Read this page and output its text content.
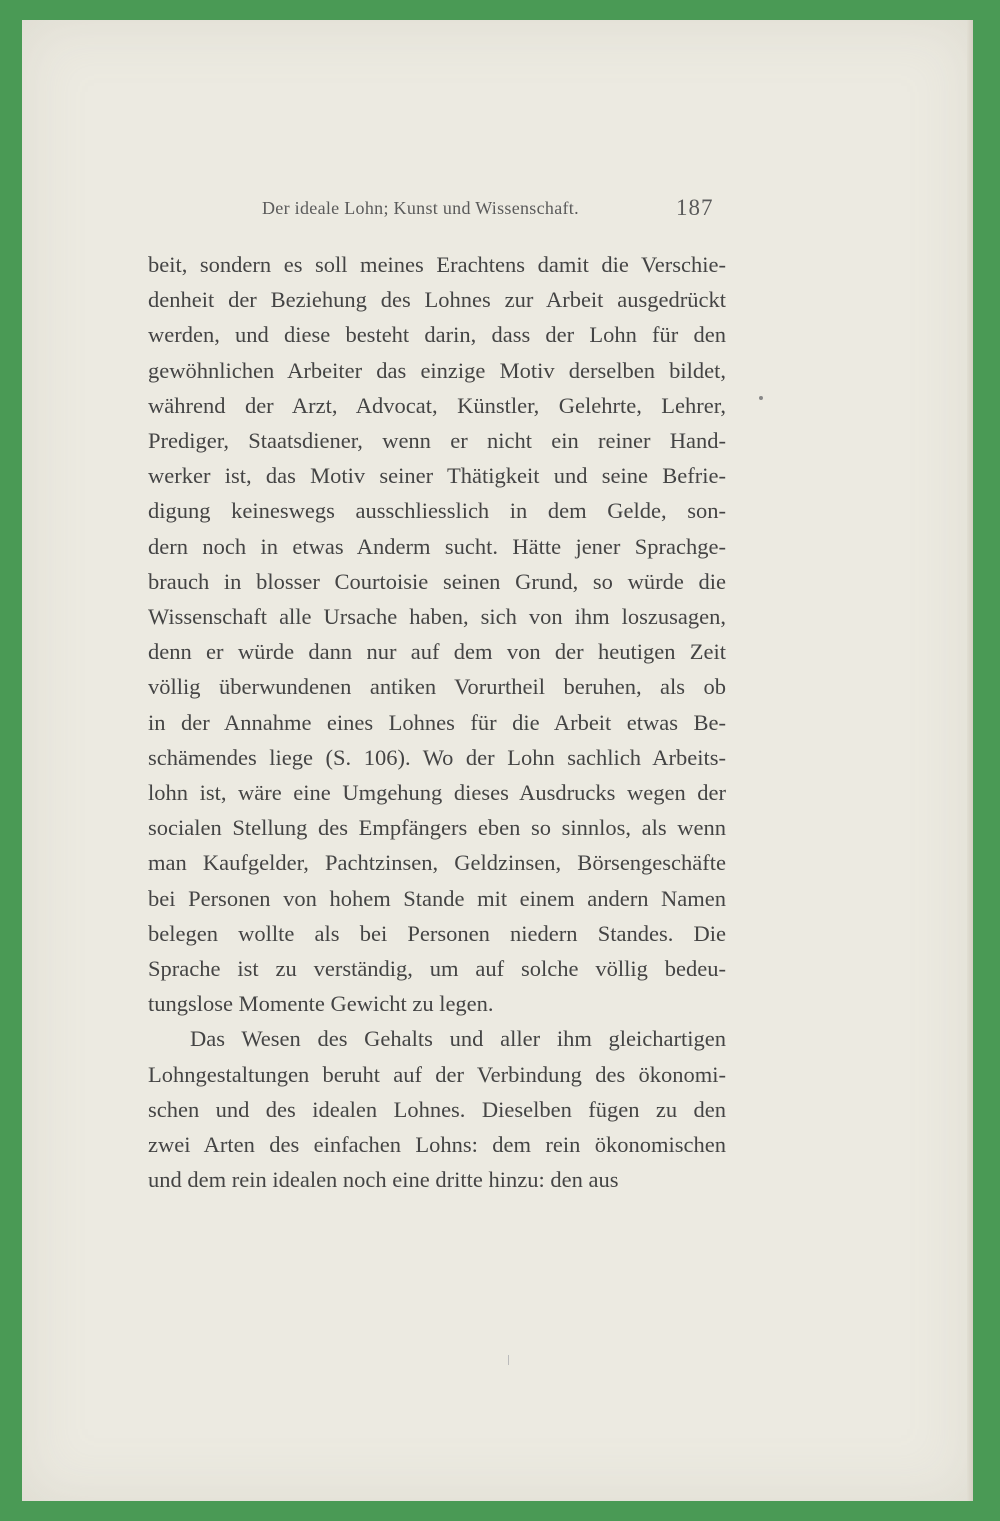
Der ideale Lohn; Kunst und Wissenschaft.	187
beit, sondern es soll meines Erachtens damit die Verschie-
denheit der Beziehung des Lohnes zur Arbeit ausgedrückt
werden, und diese besteht darin, dass der Lohn für den
gewöhnlichen Arbeiter das einzige Motiv derselben bildet,
während der Arzt, Advocat, Künstler, Gelehrte, Lehrer,
Prediger, Staatsdiener, wenn er nicht ein reiner Hand-
werker ist, das Motiv seiner Thätigkeit und seine Befrie-
digung keineswegs ausschliesslich in dem Gelde, son-
dern noch in etwas Anderm sucht. Hätte jener Sprachge-
brauch in blosser Courtoisie seinen Grund, so würde die
Wissenschaft alle Ursache haben, sich von ihm loszusagen,
denn er würde dann nur auf dem von der heutigen Zeit
völlig überwundenen antiken Vorurtheil beruhen, als ob
in der Annahme eines Lohnes für die Arbeit etwas Be-
schämendes liege (S. 106). Wo der Lohn sachlich Arbeits-
lohn ist, wäre eine Umgehung dieses Ausdrucks wegen der
socialen Stellung des Empfängers eben so sinnlos, als wenn
man Kaufgelder, Pachtzinsen, Geldzinsen, Börsengeschäfte
bei Personen von hohem Stande mit einem andern Namen
belegen wollte als bei Personen niedern Standes. Die
Sprache ist zu verständig, um auf solche völlig bedeu-
tungslose Momente Gewicht zu legen.
Das Wesen des Gehalts und aller ihm gleichartigen
Lohngestaltungen beruht auf der Verbindung des ökonomi-
schen und des idealen Lohnes. Dieselben fügen zu den
zwei Arten des einfachen Lohns: dem rein ökonomischen
und dem rein idealen noch eine dritte hinzu: den aus
